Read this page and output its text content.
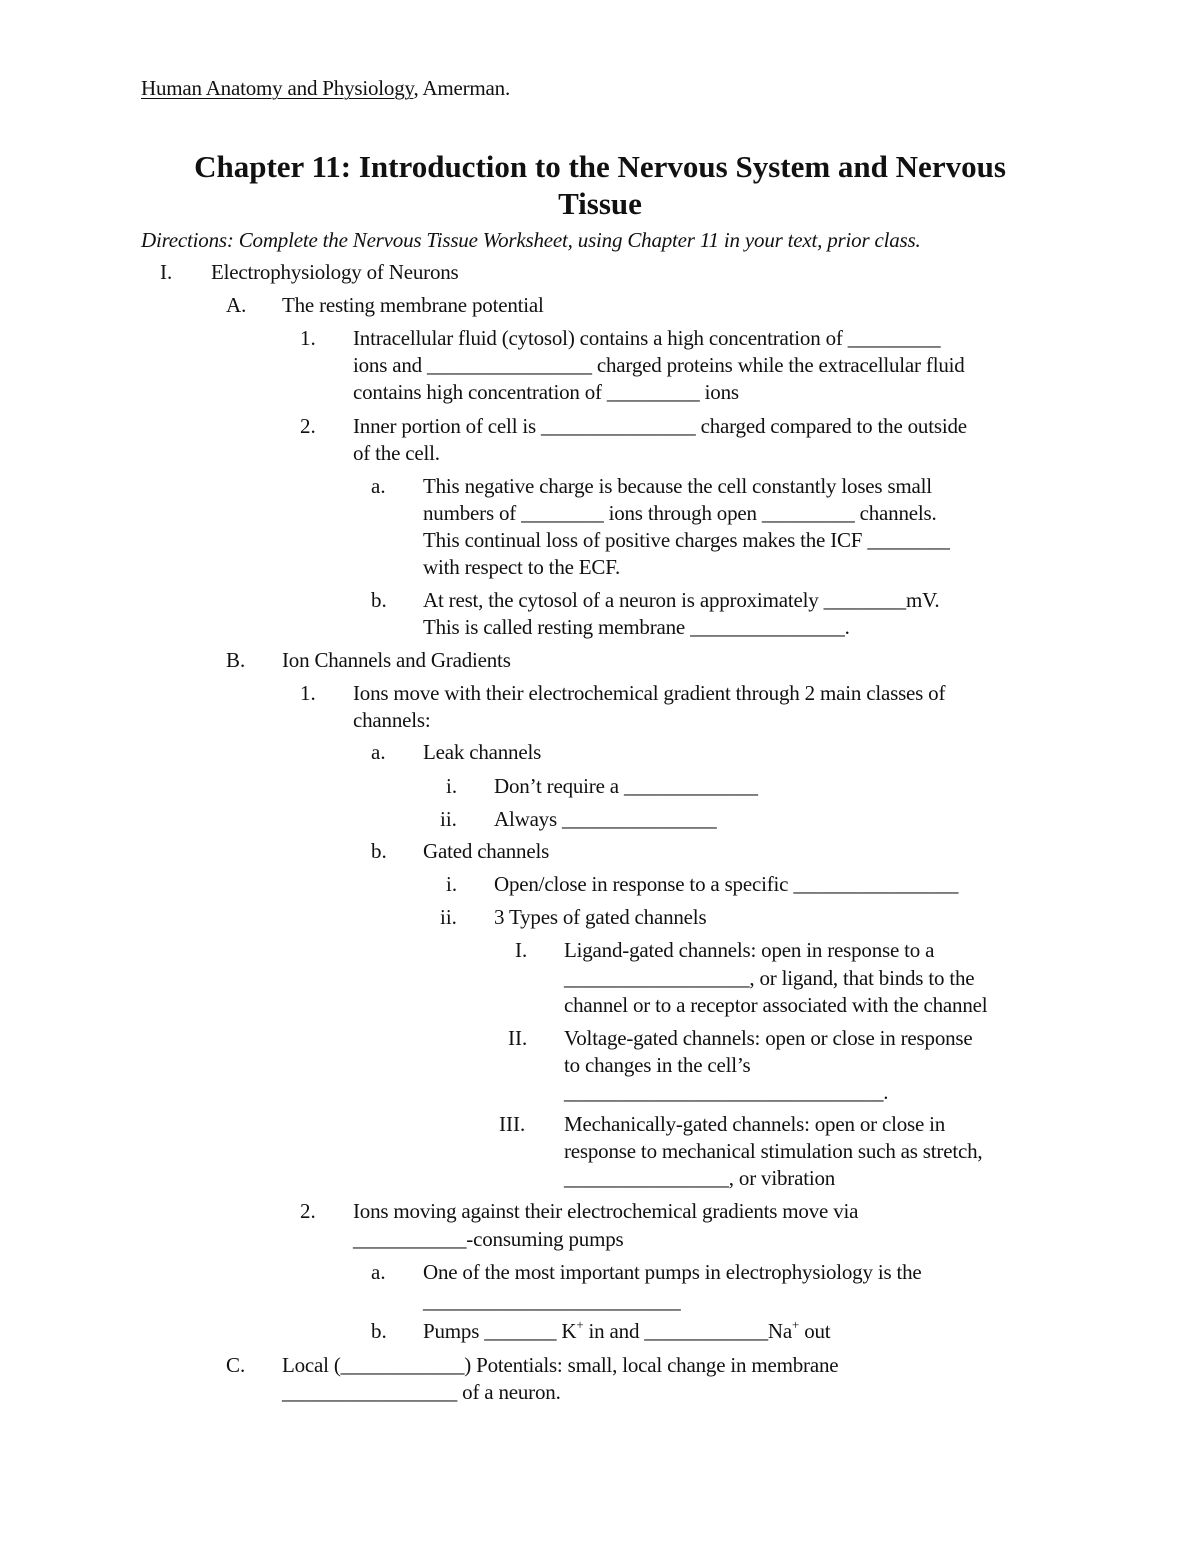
Human Anatomy and Physiology, Amerman.
Chapter 11: Introduction to the Nervous System and Nervous
Tissue
Directions: Complete the Nervous Tissue Worksheet, using Chapter 11 in your text, prior class.
I. Electrophysiology of Neurons
A. The resting membrane potential
1. Intracellular fluid (cytosol) contains a high concentration of _________
ions and ________________ charged proteins while the extracellular fluid
contains high concentration of _________ ions
2. Inner portion of cell is _______________ charged compared to the outside
of the cell.
a. This negative charge is because the cell constantly loses small
numbers of ________ ions through open _________ channels.
This continual loss of positive charges makes the ICF ________
with respect to the ECF.
b. At rest, the cytosol of a neuron is approximately ________mV.
This is called resting membrane _______________.
B. Ion Channels and Gradients
1. Ions move with their electrochemical gradient through 2 main classes of
channels:
a. Leak channels
i. Don’t require a _____________
ii. Always _______________
b. Gated channels
i. Open/close in response to a specific ________________
ii. 3 Types of gated channels
I. Ligand-gated channels: open in response to a
__________________, or ligand, that binds to the
channel or to a receptor associated with the channel
II. Voltage-gated channels: open or close in response
to changes in the cell’s
_______________________________.
III. Mechanically-gated channels: open or close in
response to mechanical stimulation such as stretch,
________________, or vibration
2. Ions moving against their electrochemical gradients move via
___________-consuming pumps
a. One of the most important pumps in electrophysiology is the
_________________________
b. Pumps _______ K+ in and ____________Na+ out
C. Local (____________) Potentials: small, local change in membrane
_________________ of a neuron.
